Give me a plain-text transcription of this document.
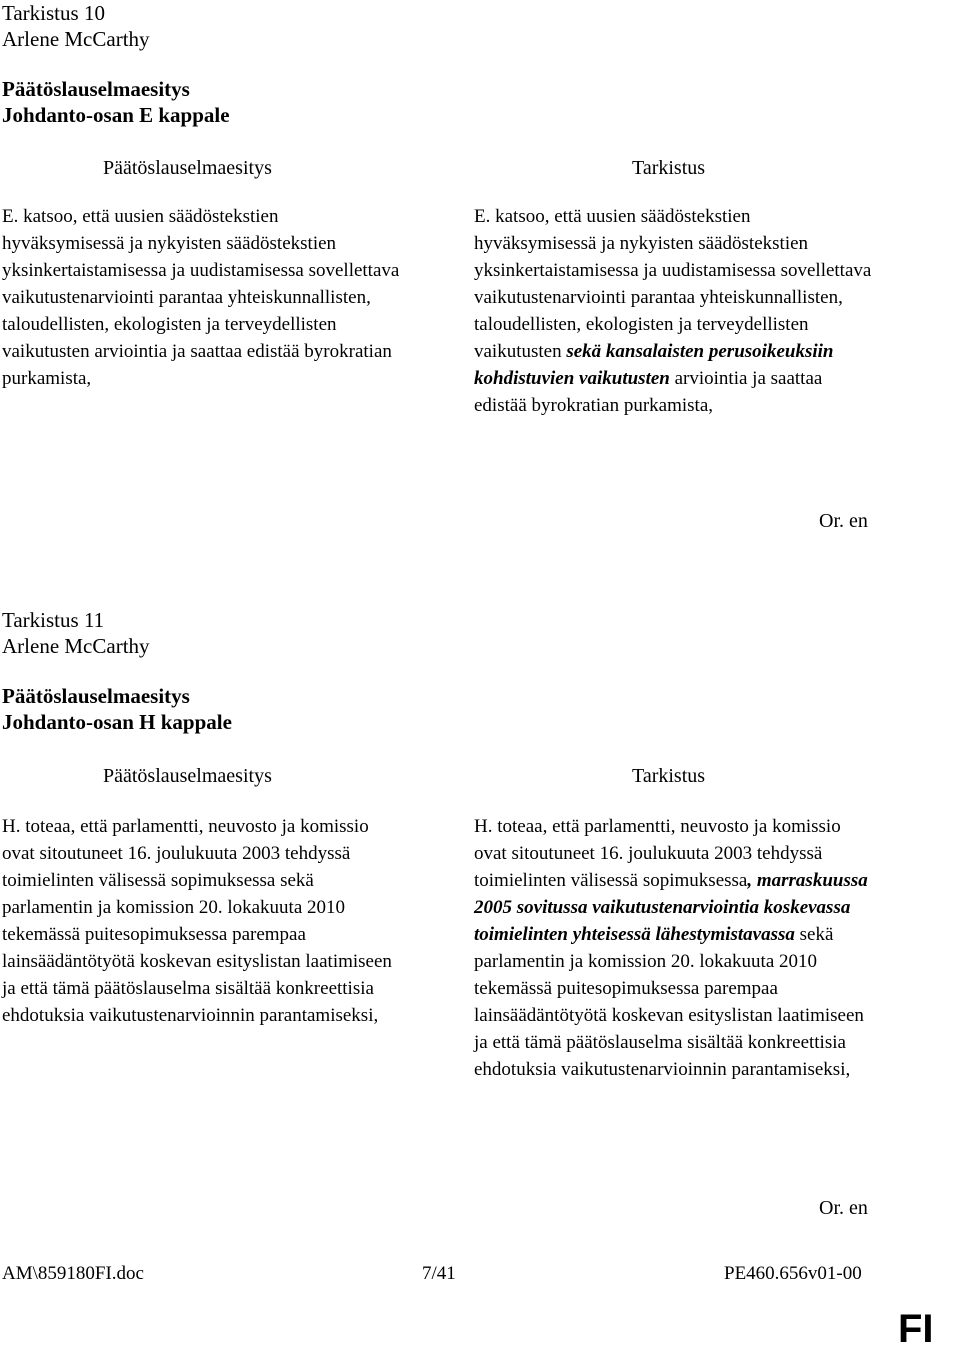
Tarkistus 10
Arlene McCarthy
Päätöslauselmaesitys
Johdanto-osan E kappale
Päätöslauselmaesitys	Tarkistus
E. katsoo, että uusien säädöstekstien hyväksymisessä ja nykyisten säädöstekstien yksinkertaistamisessa ja uudistamisessa sovellettava vaikutustenarviointi parantaa yhteiskunnallisten, taloudellisten, ekologisten ja terveydellisten vaikutusten arviointia ja saattaa edistää byrokratian purkamista,
E. katsoo, että uusien säädöstekstien hyväksymisessä ja nykyisten säädöstekstien yksinkertaistamisessa ja uudistamisessa sovellettava vaikutustenarviointi parantaa yhteiskunnallisten, taloudellisten, ekologisten ja terveydellisten vaikutusten sekä kansalaisten perusoikeuksiin kohdistuvien vaikutusten arviointia ja saattaa edistää byrokratian purkamista,
Or. en
Tarkistus 11
Arlene McCarthy
Päätöslauselmaesitys
Johdanto-osan H kappale
Päätöslauselmaesitys	Tarkistus
H. toteaa, että parlamentti, neuvosto ja komissio ovat sitoutuneet 16. joulukuuta 2003 tehdyssä toimielinten välisessä sopimuksessa sekä parlamentin ja komission 20. lokakuuta 2010 tekemässä puitesopimuksessa parempaa lainsäädäntötyötä koskevan esityslistan laatimiseen ja että tämä päätöslauselma sisältää konkreettisia ehdotuksia vaikutustenarvioinnin parantamiseksi,
H. toteaa, että parlamentti, neuvosto ja komissio ovat sitoutuneet 16. joulukuuta 2003 tehdyssä toimielinten välisessä sopimuksessa, marraskuussa 2005 sovitussa vaikutustenarviointia koskevassa toimielinten yhteisessä lähestymistavassa sekä parlamentin ja komission 20. lokakuuta 2010 tekemässä puitesopimuksessa parempaa lainsäädäntötyötä koskevan esityslistan laatimiseen ja että tämä päätöslauselma sisältää konkreettisia ehdotuksia vaikutustenarvioinnin parantamiseksi,
Or. en
AM\859180FI.doc	7/41	PE460.656v01-00
FI
